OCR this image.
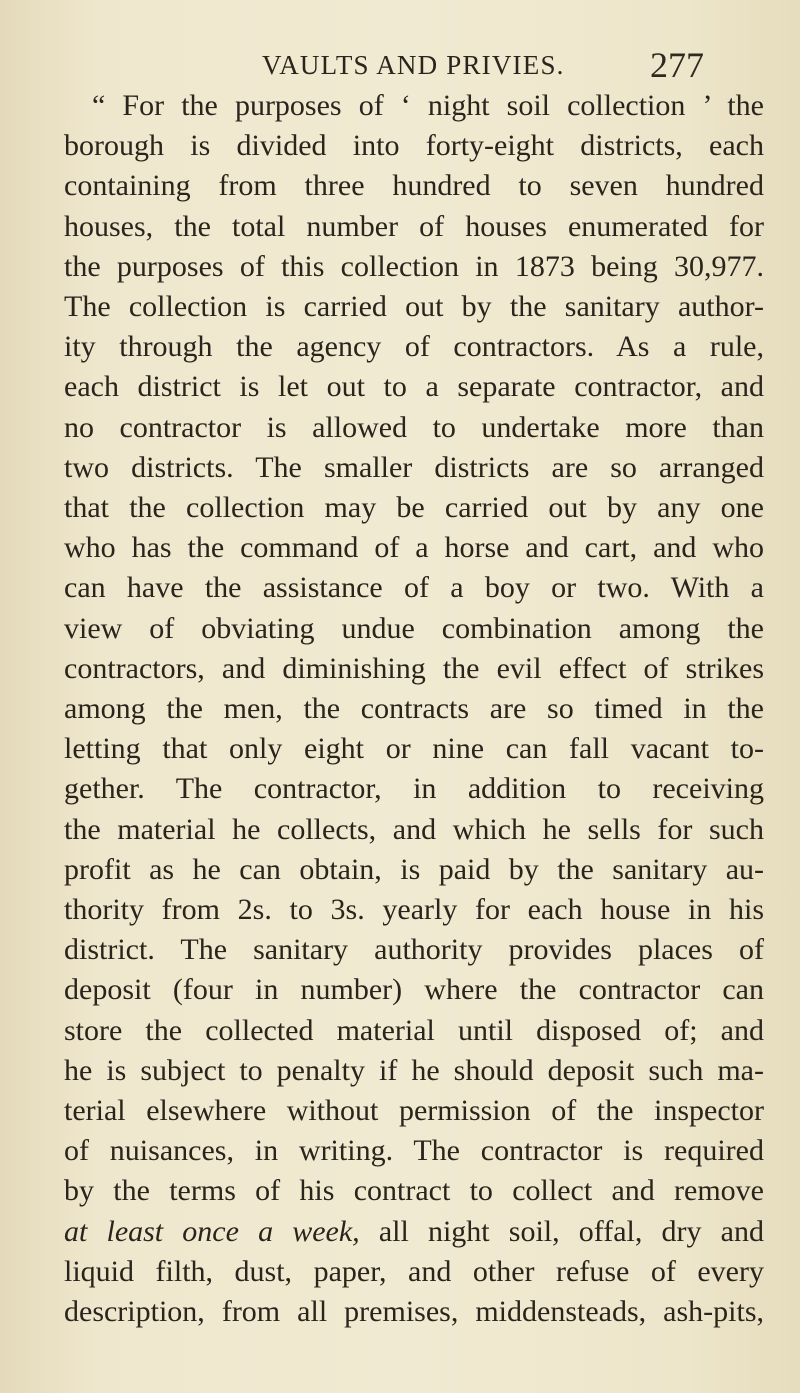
VAULTS AND PRIVIES. 277

“ For the purposes of ‘ night soil collection ’ the
borough is divided into forty-eight districts, each
containing from three hundred to seven hundred
houses, the total number of houses enumerated for
the purposes of this collection in 1873 being 30,977.
The collection is carried out by the sanitary author-
ity through the agency of contractors. As a rule,
each district is let out to a separate contractor, and
no contractor is allowed to undertake more than
two districts. The smaller districts are so arranged
that the collection may be carried out by any one
who has the command of a horse and cart, and who
can have the assistance of a boy or two. With a
view of obviating undue combination among the
contractors, and diminishing the evil effect of strikes
among the men, the contracts are so timed in the
letting that only eight or nine can fall vacant to-
gether. The contractor, in addition to receiving
the material he collects, and which he sells for such
profit as he can obtain, is paid by the sanitary au-
thority from 2s. to 3s. yearly for each house in his
district. The sanitary authority provides places of
deposit (four in number) where the contractor can
store the collected material until disposed of; and
he is subject to penalty if he should deposit such ma-
terial elsewhere without permission of the inspector
of nuisances, in writing. The contractor is required
by the terms of his contract to collect and remove
at least once a week, all night soil, offal, dry and
liquid filth, dust, paper, and other refuse of every
description, from all premises, middensteads, ash-pits,
